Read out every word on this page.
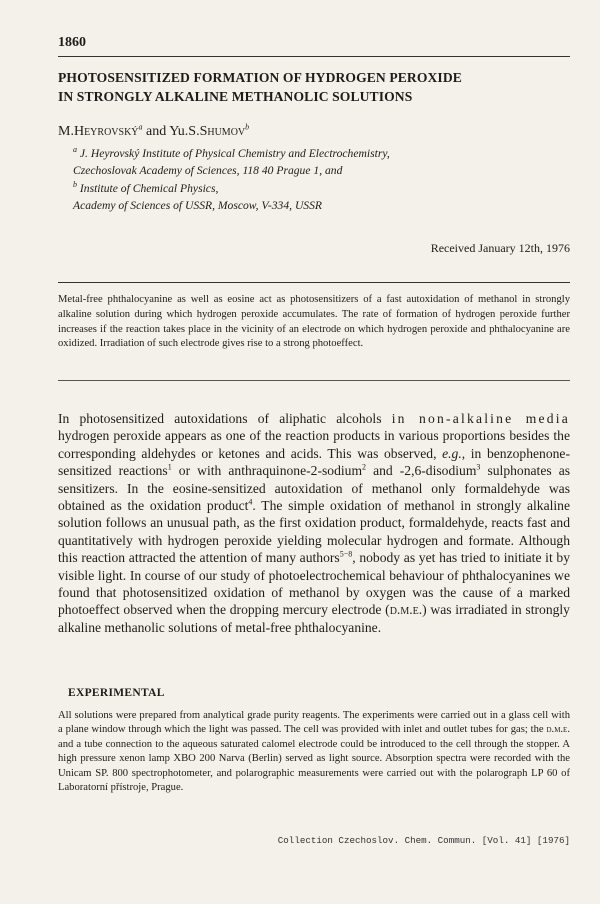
1860
PHOTOSENSITIZED FORMATION OF HYDROGEN PEROXIDE
IN STRONGLY ALKALINE METHANOLIC SOLUTIONS
M.Heyrovský$^a$ and Yu.S.Shumov$^b$
$^a$ J. Heyrovský Institute of Physical Chemistry and Electrochemistry,
Czechoslovak Academy of Sciences, 118 40 Prague 1, and
$^b$ Institute of Chemical Physics,
Academy of Sciences of USSR, Moscow, V-334, USSR
Received January 12th, 1976
Metal-free phthalocyanine as well as eosine act as photosensitizers of a fast autoxidation of methanol in strongly alkaline solution during which hydrogen peroxide accumulates. The rate of formation of hydrogen peroxide further increases if the reaction takes place in the vicinity of an electrode on which hydrogen peroxide and phthalocyanine are oxidized. Irradiation of such electrode gives rise to a strong photoeffect.
In photosensitized autoxidations of aliphatic alcohols in non-alkaline media hydrogen peroxide appears as one of the reaction products in various proportions besides the corresponding aldehydes or ketones and acids. This was observed, e.g., in benzophenone-sensitized reactions$^1$ or with anthraquinone-2-sodium$^2$ and -2,6-disodium$^3$ sulphonates as sensitizers. In the eosine-sensitized autoxidation of methanol only formaldehyde was obtained as the oxidation product$^4$. The simple oxidation of methanol in strongly alkaline solution follows an unusual path, as the first oxidation product, formaldehyde, reacts fast and quantitatively with hydrogen peroxide yielding molecular hydrogen and formate. Although this reaction attracted the attention of many authors$^{5-8}$, nobody as yet has tried to initiate it by visible light. In course of our study of photoelectrochemical behaviour of phthalocyanines we found that photosensitized oxidation of methanol by oxygen was the cause of a marked photoeffect observed when the dropping mercury electrode (d.m.e.) was irradiated in strongly alkaline methanolic solutions of metal-free phthalocyanine.
EXPERIMENTAL
All solutions were prepared from analytical grade purity reagents. The experiments were carried out in a glass cell with a plane window through which the light was passed. The cell was provided with inlet and outlet tubes for gas; the d.m.e. and a tube connection to the aqueous saturated calomel electrode could be introduced to the cell through the stopper. A high pressure xenon lamp XBO 200 Narva (Berlin) served as light source. Absorption spectra were recorded with the Unicam SP. 800 spectrophotometer, and polarographic measurements were carried out with the polarograph LP 60 of Laboratorní přístroje, Prague.
Collection Czechoslov. Chem. Commun. [Vol. 41] [1976]
